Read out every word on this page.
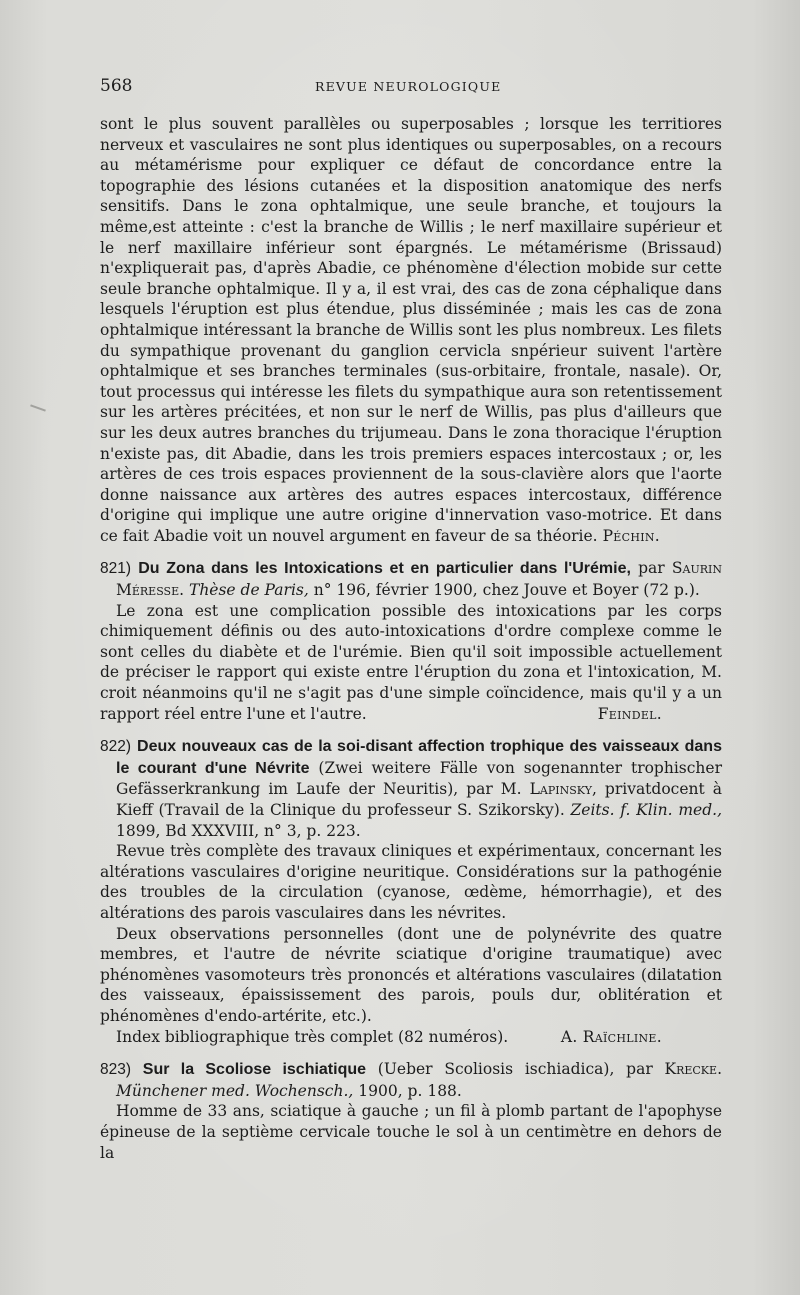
568	REVUE NEUROLOGIQUE

sont le plus souvent parallèles ou superposables ; lorsque les territiores nerveux et vasculaires ne sont plus identiques ou superposables, on a recours au métamérisme pour expliquer ce défaut de concordance entre la topographie des lésions cutanées et la disposition anatomique des nerfs sensitifs. Dans le zona ophtalmique, une seule branche, et toujours la même,est atteinte : c'est la branche de Willis ; le nerf maxillaire supérieur et le nerf maxillaire inférieur sont épargnés. Le métamérisme (Brissaud) n'expliquerait pas, d'après Abadie, ce phénomène d'élection mobide sur cette seule branche ophtalmique. Il y a, il est vrai, des cas de zona céphalique dans lesquels l'éruption est plus étendue, plus disséminée ; mais les cas de zona ophtalmique intéressant la branche de Willis sont les plus nombreux. Les filets du sympathique provenant du ganglion cervicla snpérieur suivent l'artère ophtalmique et ses branches terminales (sus-orbitaire, frontale, nasale). Or, tout processus qui intéresse les filets du sympathique aura son retentissement sur les artères précitées, et non sur le nerf de Willis, pas plus d'ailleurs que sur les deux autres branches du trijumeau. Dans le zona thoracique l'éruption n'existe pas, dit Abadie, dans les trois premiers espaces intercostaux ; or, les artères de ces trois espaces proviennent de la sous-clavière alors que l'aorte donne naissance aux artères des autres espaces intercostaux, différence d'origine qui implique une autre origine d'innervation vaso-motrice. Et dans ce fait Abadie voit un nouvel argument en faveur de sa théorie. Péchin.

821) Du Zona dans les Intoxications et en particulier dans l'Urémie, par Saurin Méresse. Thèse de Paris, n° 196, février 1900, chez Jouve et Boyer (72 p.).

Le zona est une complication possible des intoxications par les corps chimiquement définis ou des auto-intoxications d'ordre complexe comme le sont celles du diabète et de l'urémie. Bien qu'il soit impossible actuellement de préciser le rapport qui existe entre l'éruption du zona et l'intoxication, M. croit néanmoins qu'il ne s'agit pas d'une simple coïncidence, mais qu'il y a un rapport réel entre l'une et l'autre.	Feindel.

822) Deux nouveaux cas de la soi-disant affection trophique des vaisseaux dans le courant d'une Névrite (Zwei weitere Fälle von sogenannter trophischer Gefässerkrankung im Laufe der Neuritis), par M. Lapinsky, privatdocent à Kieff (Travail de la Clinique du professeur S. Szikorsky). Zeits. f. Klin. med., 1899, Bd XXXVIII, n° 3, p. 223.

Revue très complète des travaux cliniques et expérimentaux, concernant les altérations vasculaires d'origine neuritique. Considérations sur la pathogénie des troubles de la circulation (cyanose, œdème, hémorrhagie), et des altérations des parois vasculaires dans les névrites.

Deux observations personnelles (dont une de polynévrite des quatre membres, et l'autre de névrite sciatique d'origine traumatique) avec phénomènes vasomoteurs très prononcés et altérations vasculaires (dilatation des vaisseaux, épaississement des parois, pouls dur, oblitération et phénomènes d'endo-artérite, etc.).

Index bibliographique très complet (82 numéros).	A. Raïchline.

823) Sur la Scoliose ischiatique (Ueber Scoliosis ischiadica), par Krecke. Münchener med. Wochensch., 1900, p. 188.

Homme de 33 ans, sciatique à gauche ; un fil à plomb partant de l'apophyse épineuse de la septième cervicale touche le sol à un centimètre en dehors de la
